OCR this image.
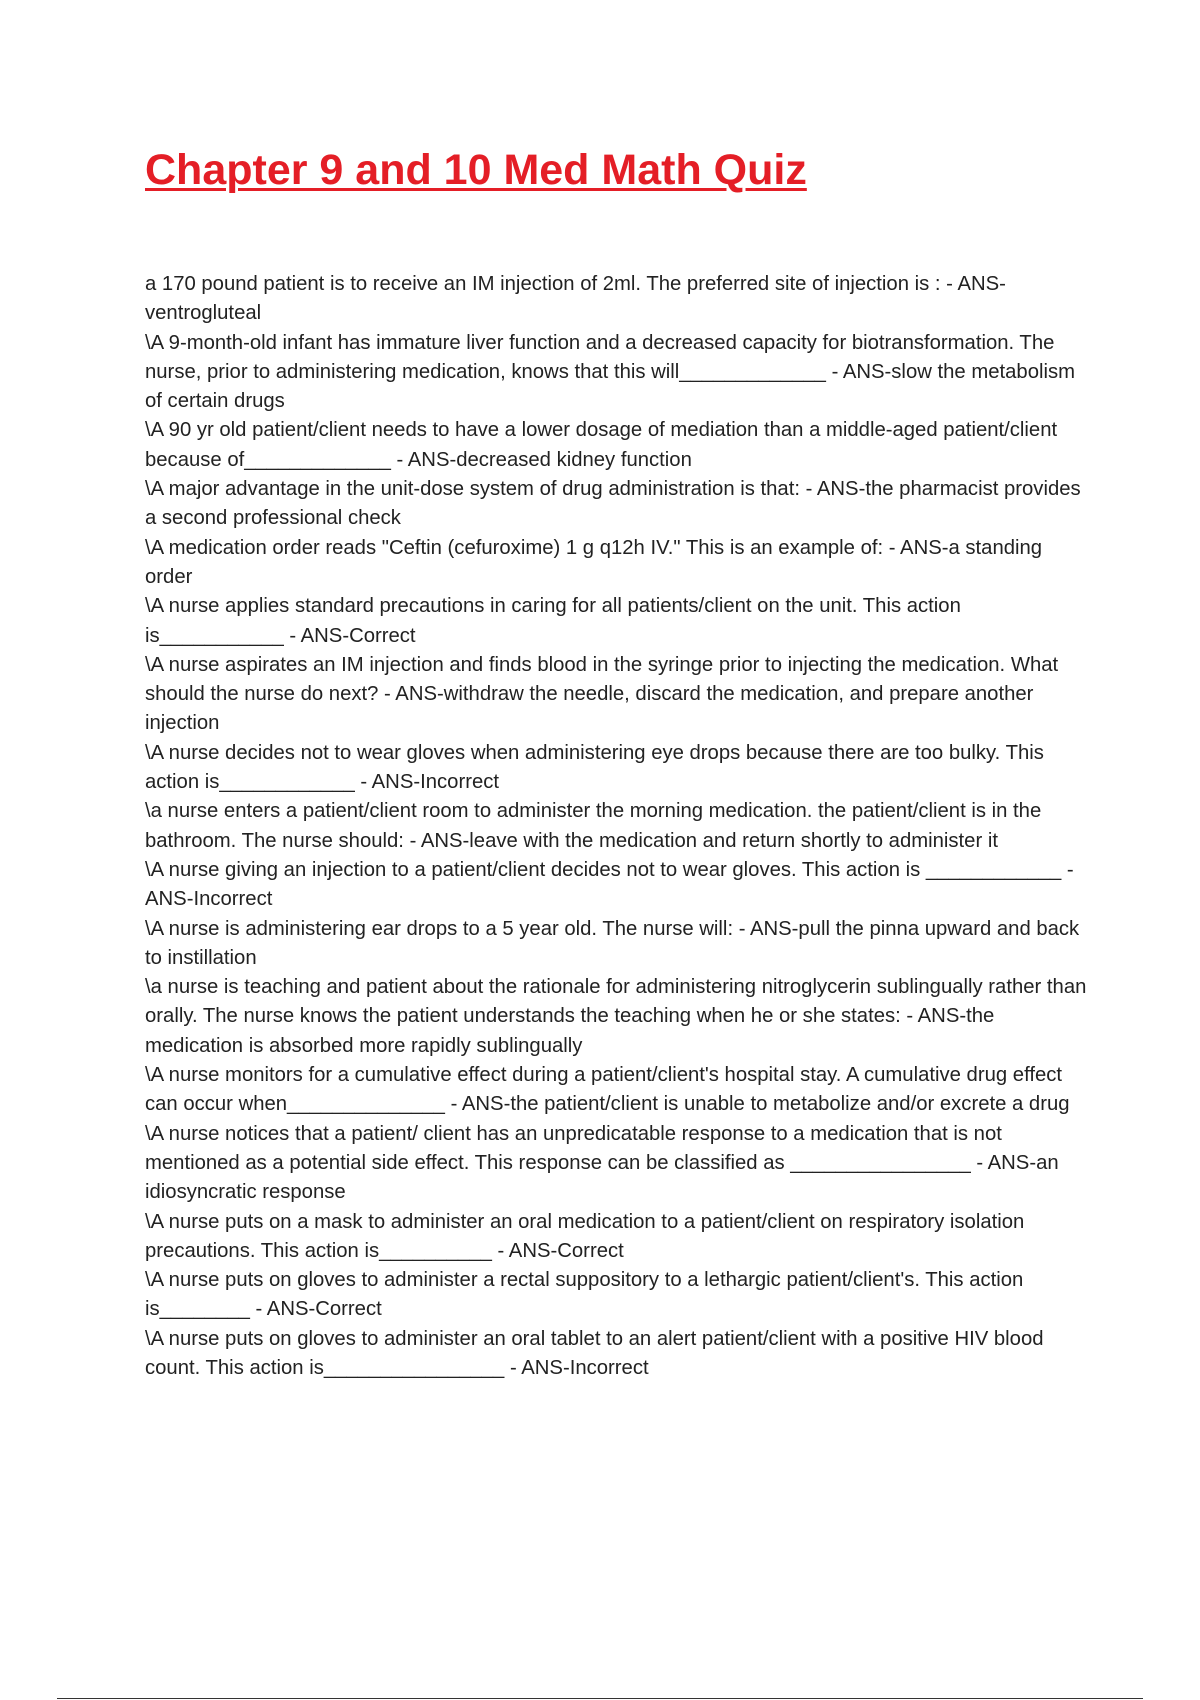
Chapter 9 and 10 Med Math Quiz

a 170 pound patient is to receive an IM injection of 2ml. The preferred site of injection is : - ANS-ventrogluteal

\A 9-month-old infant has immature liver function and a decreased capacity for biotransformation. The nurse, prior to administering medication, knows that this will_____________ - ANS-slow the metabolism of certain drugs

\A 90 yr old patient/client needs to have a lower dosage of mediation than a middle-aged patient/client because of_____________ - ANS-decreased kidney function

\A major advantage in the unit-dose system of drug administration is that: - ANS-the pharmacist provides a second professional check

\A medication order reads "Ceftin (cefuroxime) 1 g q12h IV." This is an example of: - ANS-a standing order

\A nurse applies standard precautions in caring for all patients/client on the unit. This action is___________ - ANS-Correct

\A nurse aspirates an IM injection and finds blood in the syringe prior to injecting the medication. What should the nurse do next? - ANS-withdraw the needle, discard the medication, and prepare another injection

\A nurse decides not to wear gloves when administering eye drops because there are too bulky. This action is____________ - ANS-Incorrect

\a nurse enters a patient/client room to administer the morning medication. the patient/client is in the bathroom. The nurse should: - ANS-leave with the medication and return shortly to administer it

\A nurse giving an injection to a patient/client decides not to wear gloves. This action is ____________ - ANS-Incorrect

\A nurse is administering ear drops to a 5 year old. The nurse will: - ANS-pull the pinna upward and back to instillation

\a nurse is teaching and patient about the rationale for administering nitroglycerin sublingually rather than orally. The nurse knows the patient understands the teaching when he or she states: - ANS-the medication is absorbed more rapidly sublingually

\A nurse monitors for a cumulative effect during a patient/client's hospital stay. A cumulative drug effect can occur when______________ - ANS-the patient/client is unable to metabolize and/or excrete a drug

\A nurse notices that a patient/ client has an unpredicatable response to a medication that is not mentioned as a potential side effect. This response can be classified as ________________ - ANS-an idiosyncratic response

\A nurse puts on a mask to administer an oral medication to a patient/client on respiratory isolation precautions. This action is__________ - ANS-Correct

\A nurse puts on gloves to administer a rectal suppository to a lethargic patient/client's. This action is________ - ANS-Correct

\A nurse puts on gloves to administer an oral tablet to an alert patient/client with a positive HIV blood count. This action is________________ - ANS-Incorrect
